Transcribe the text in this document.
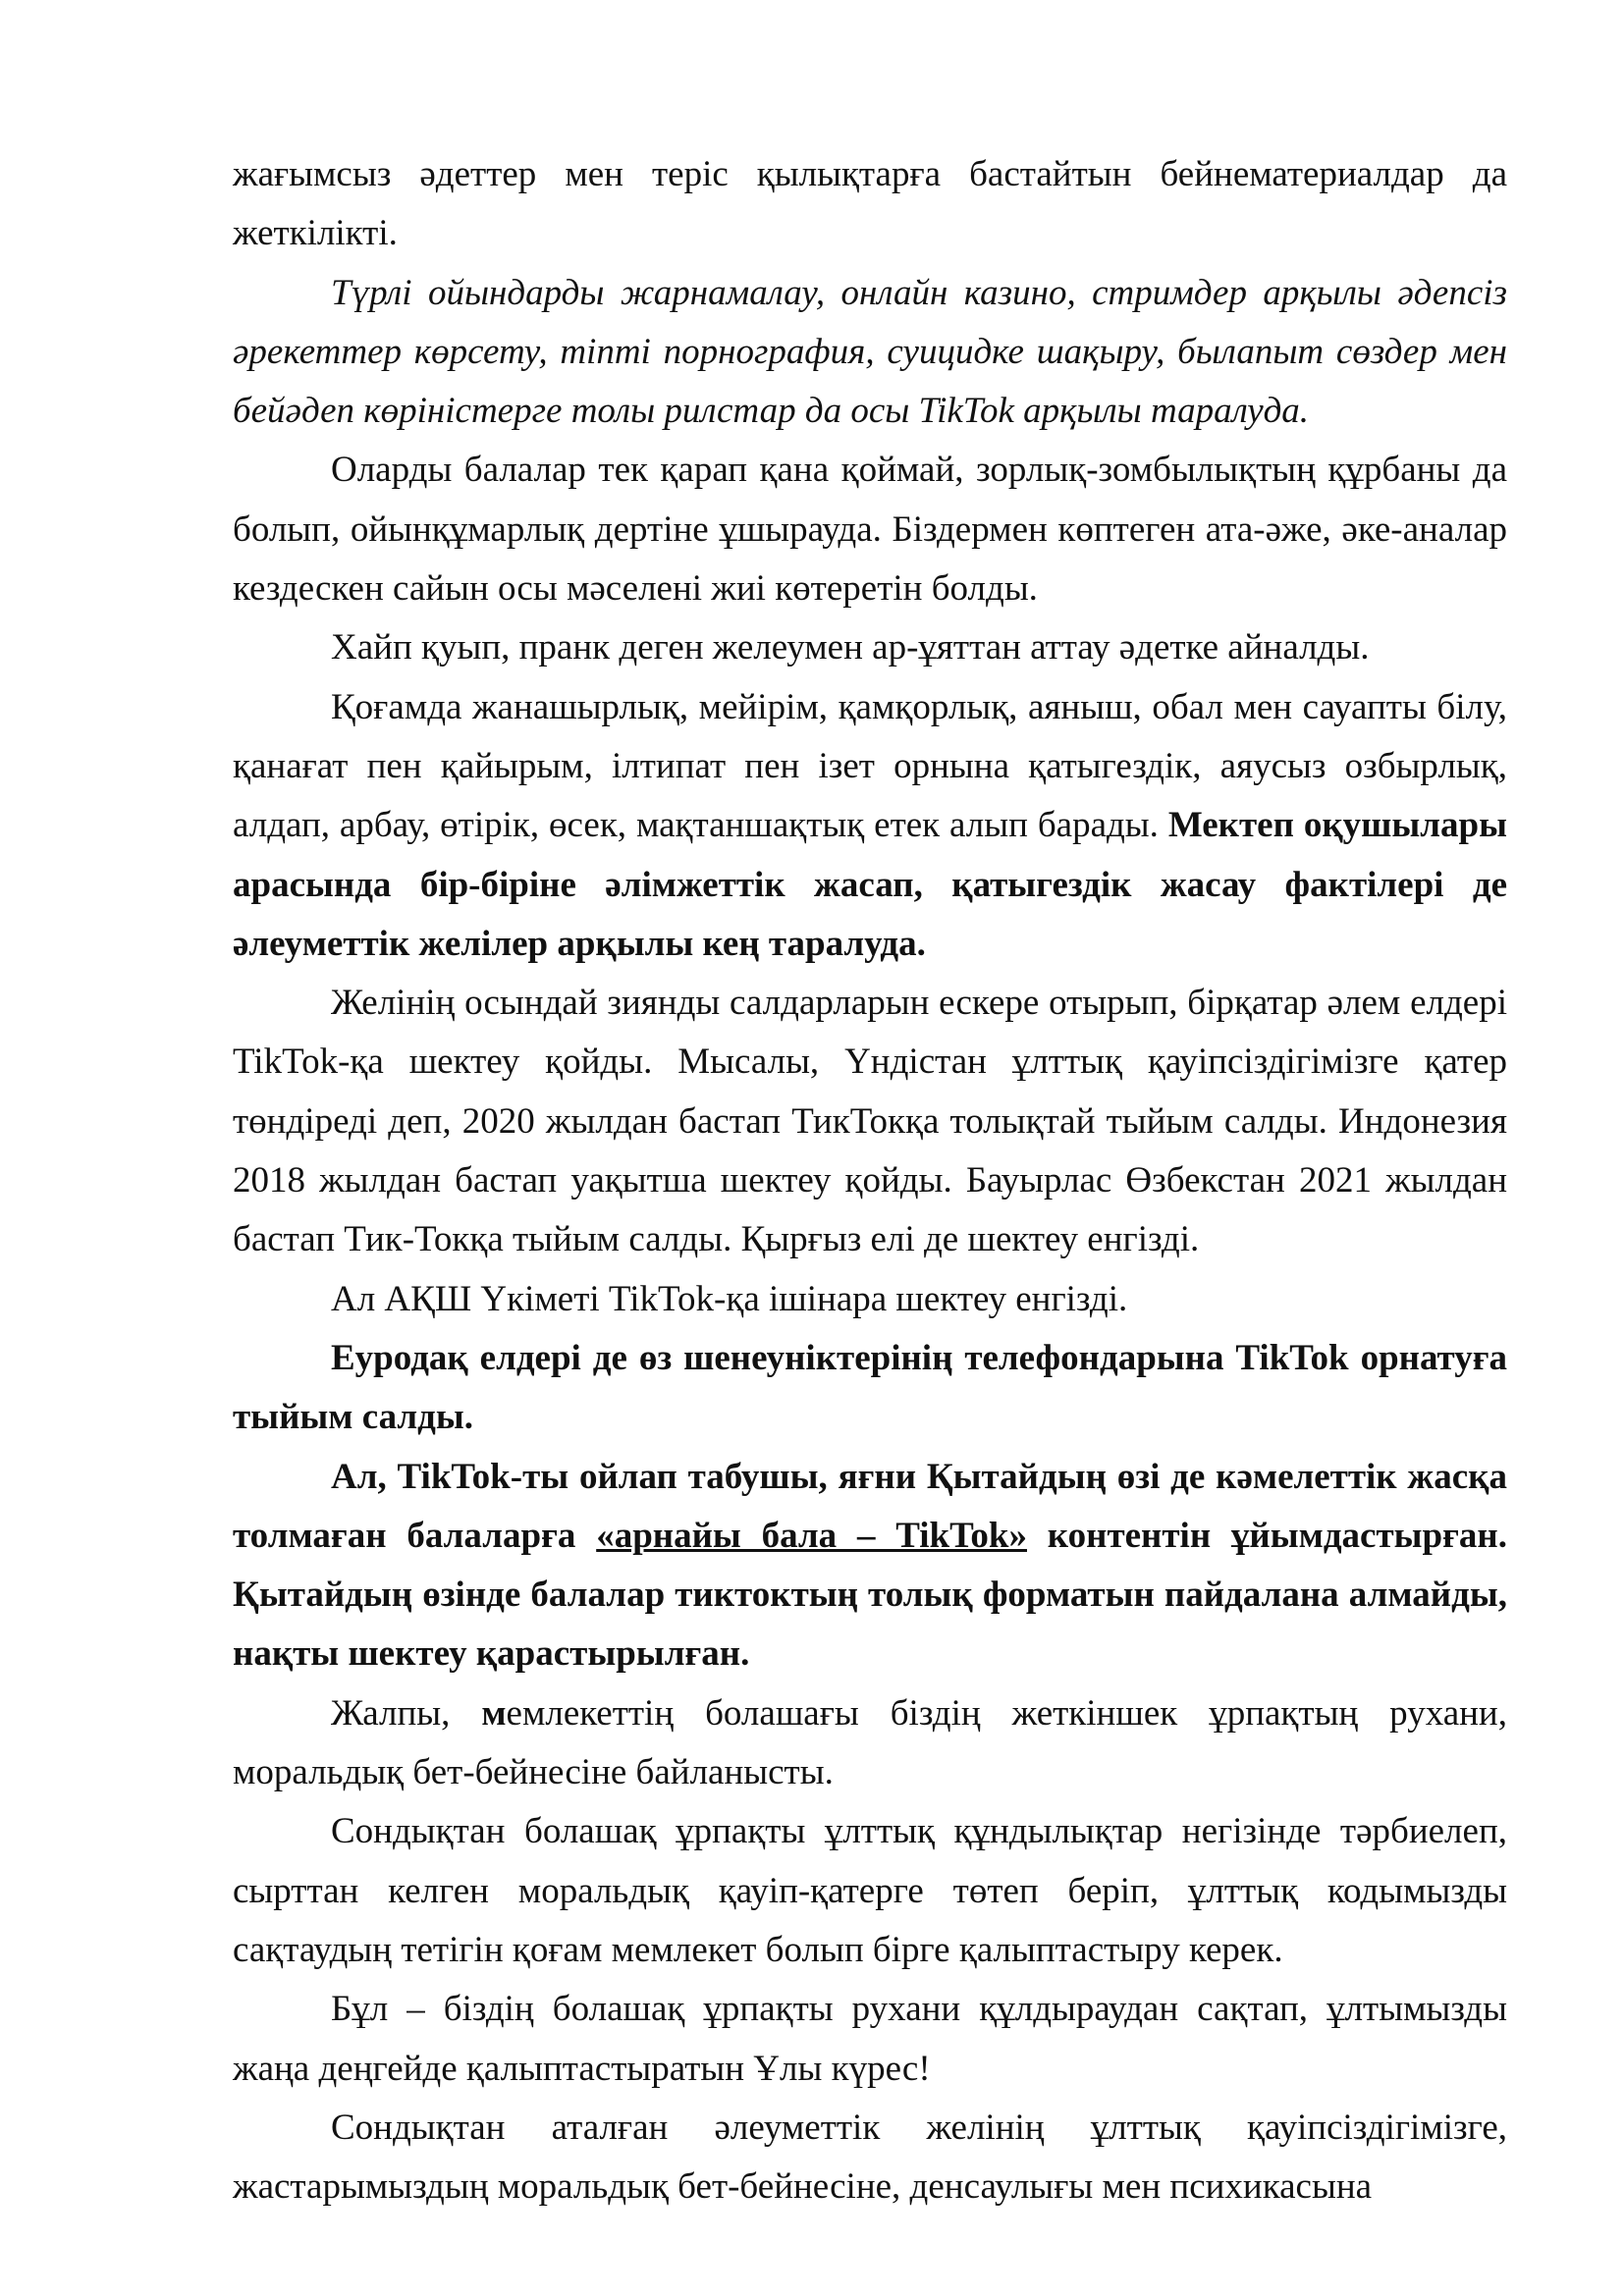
жағымсыз әдеттер мен теріс қылықтарға бастайтын бейнематериалдар да жеткілікті.

Түрлі ойындарды жарнамалау, онлайн казино, стримдер арқылы әдепсіз әрекеттер көрсету, тіпті порнография, суицидке шақыру, былапыт сөздер мен бейәдеп көріністерге толы рилстар да осы TikTok арқылы таралуда.

Оларды балалар тек қарап қана қоймай, зорлық-зомбылықтың құрбаны да болып, ойынқұмарлық дертіне ұшырауда. Біздермен көптеген ата-әже, әке-аналар кездескен сайын осы мәселені жиі көтеретін болды.

Хайп қуып, пранк деген желеумен ар-ұяттан аттау әдетке айналды.

Қоғамда жанашырлық, мейірім, қамқорлық, аяныш, обал мен сауапты білу, қанағат пен қайырым, ілтипат пен ізет орнына қатыгездік, аяусыз озбырлық, алдап, арбау, өтірік, өсек, мақтаншақтық етек алып барады. Мектеп оқушылары арасында бір-біріне әлімжеттік жасап, қатыгездік жасау фактілері де әлеуметтік желілер арқылы кең таралуда.

Желінің осындай зиянды салдарларын ескере отырып, бірқатар әлем елдері TikTok-қа шектеу қойды. Мысалы, Үндістан ұлттық қауіпсіздігімізге қатер төндіреді деп, 2020 жылдан бастап ТикТокқа толықтай тыйым салды. Индонезия 2018 жылдан бастап уақытша шектеу қойды. Бауырлас Өзбекстан 2021 жылдан бастап Тик-Токқа тыйым салды. Қырғыз елі де шектеу енгізді.

Ал АҚШ Үкіметі TikTok-қа ішінара шектеу енгізді.

Еуродақ елдері де өз шенеуніктерінің телефондарына TikTok орнатуға тыйым салды.

Ал, TikTok-ты ойлап табушы, яғни Қытайдың өзі де кәмелеттік жасқа толмаған балаларға «арнайы бала – TikTok» контентін ұйымдастырған. Қытайдың өзінде балалар тиктоктың толық форматын пайдалана алмайды, нақты шектеу қарастырылған.

Жалпы, мемлекеттің болашағы біздің жеткіншек ұрпақтың рухани, моральдық бет-бейнесіне байланысты.

Сондықтан болашақ ұрпақты ұлттық құндылықтар негізінде тәрбиелеп, сырттан келген моральдық қауіп-қатерге төтеп беріп, ұлттық кодымызды сақтаудың тетігін қоғам мемлекет болып бірге қалыптастыру керек.

Бұл – біздің болашақ ұрпақты рухани құлдыраудан сақтап, ұлтымызды жаңа деңгейде қалыптастыратын Ұлы күрес!

Сондықтан аталған әлеуметтік желінің ұлттық қауіпсіздігімізге, жастарымыздың моральдық бет-бейнесіне, денсаулығы мен психикасына
